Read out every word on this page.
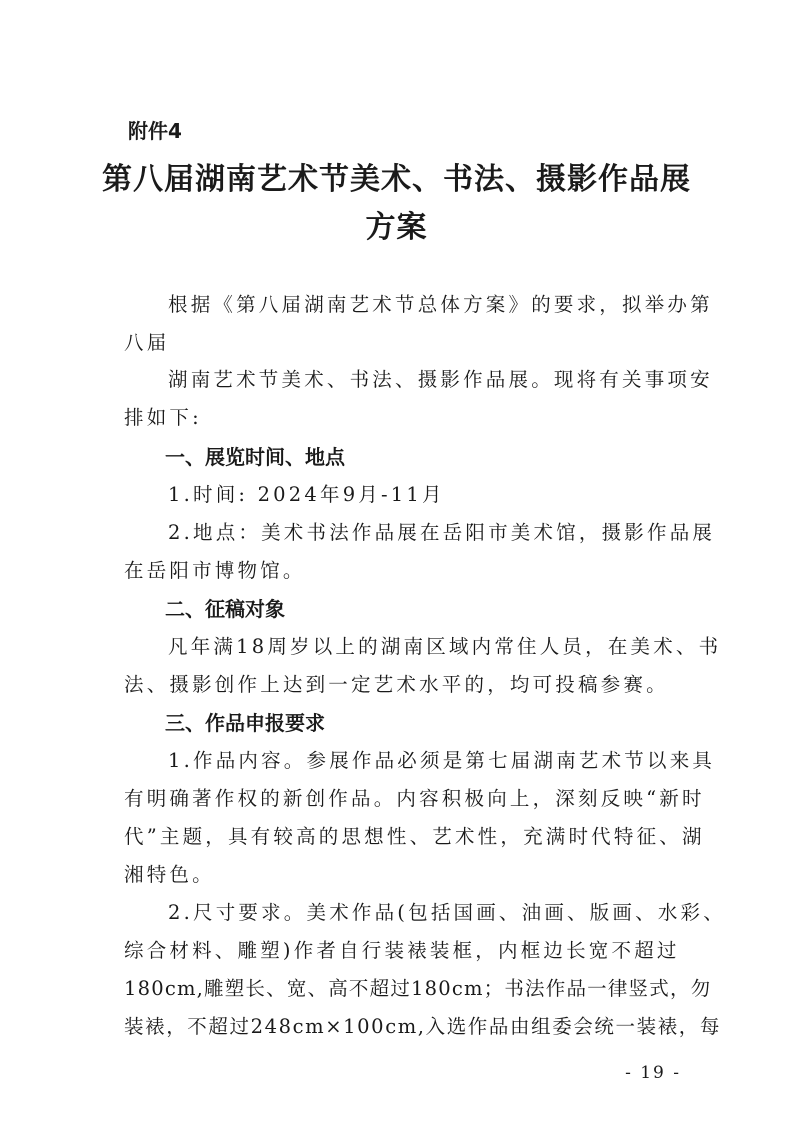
附件4
第八届湖南艺术节美术、书法、摄影作品展
方案
根据《第八届湖南艺术节总体方案》的要求，拟举办第
八届
湖南艺术节美术、书法、摄影作品展。现将有关事项安
排如下:
一、展览时间、地点
1.时间: 2024年9月-11月
2.地点：美术书法作品展在岳阳市美术馆，摄影作品展
在岳阳市博物馆。
二、征稿对象
凡年满18周岁以上的湖南区域内常住人员，在美术、书
法、摄影创作上达到一定艺术水平的，均可投稿参赛。
三、作品申报要求
1.作品内容。参展作品必须是第七届湖南艺术节以来具
有明确著作权的新创作品。内容积极向上，深刻反映“新时
代”主题，具有较高的思想性、艺术性，充满时代特征、湖
湘特色。
2.尺寸要求。美术作品(包括国画、油画、版画、水彩、
综合材料、雕塑)作者自行装裱装框，内框边长宽不超过
180cm,雕塑长、宽、高不超过180cm；书法作品一律竖式，勿
装裱，不超过248cm×100cm,入选作品由组委会统一装裱，每
- 19 -
